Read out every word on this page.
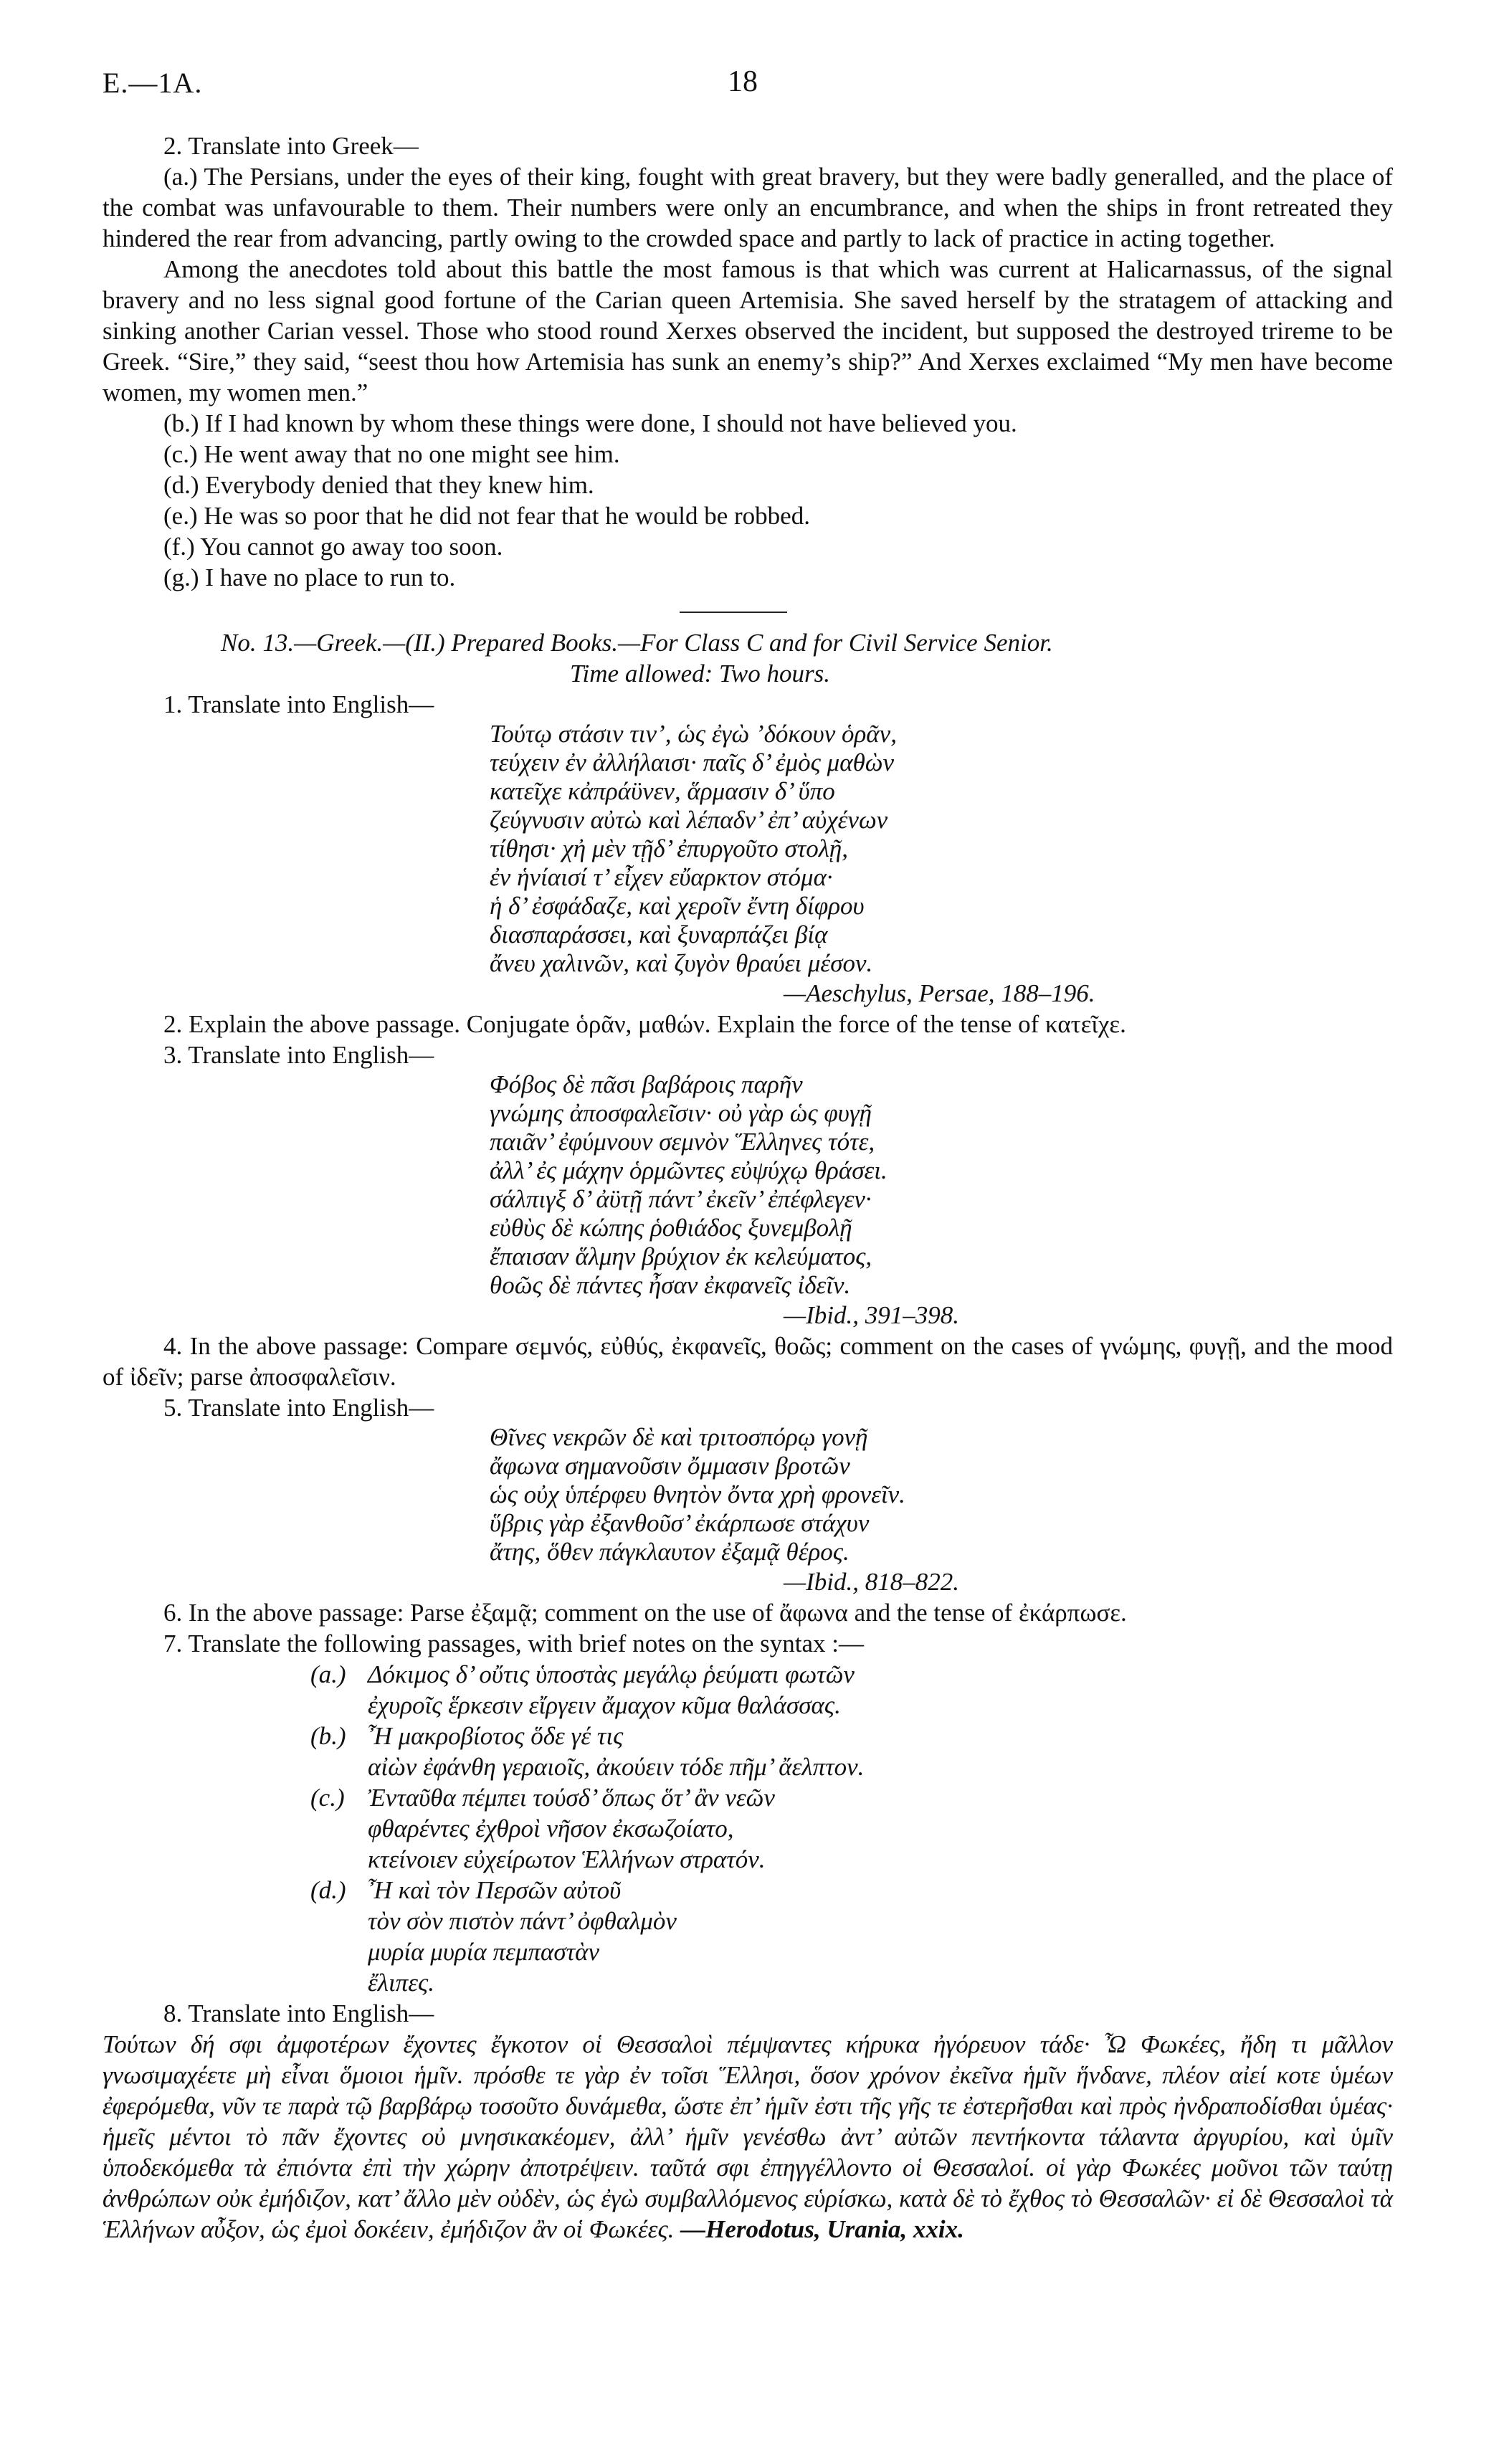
E.—1A.	18

2. Translate into Greek—

(a.) The Persians, under the eyes of their king, fought with great bravery, but they were badly generalled, and the place of the combat was unfavourable to them. Their numbers were only an encumbrance, and when the ships in front retreated they hindered the rear from advancing, partly owing to the crowded space and partly to lack of practice in acting together.

Among the anecdotes told about this battle the most famous is that which was current at Halicarnassus, of the signal bravery and no less signal good fortune of the Carian queen Artemisia. She saved herself by the stratagem of attacking and sinking another Carian vessel. Those who stood round Xerxes observed the incident, but supposed the destroyed trireme to be Greek. “Sire,” they said, “seest thou how Artemisia has sunk an enemy’s ship?” And Xerxes exclaimed “My men have become women, my women men.”

(b.) If I had known by whom these things were done, I should not have believed you.

(c.) He went away that no one might see him.

(d.) Everybody denied that they knew him.

(e.) He was so poor that he did not fear that he would be robbed.

(f.) You cannot go away too soon.

(g.) I have no place to run to.

No. 13.—Greek.—(II.) Prepared Books.—For Class C and for Civil Service Senior.

Time allowed: Two hours.

1. Translate into English—

Τούτῳ στάσιν τιν’, ὡς ἐγὼ ’δόκουν ὁρᾶν,
τεύχειν ἐν ἀλλήλαισι· παῖς δ’ ἐμὸς μαθὼν
κατεῖχε κἀπράϋνεν, ἅρμασιν δ’ ὕπο
ζεύγνυσιν αὐτὼ καὶ λέπαδν’ ἐπ’ αὐχένων
τίθησι· χἠ μὲν τῇδ’ ἐπυργοῦτο στολῇ,
ἐν ἡνίαισί τ’ εἶχεν εὔαρκτον στόμα·
ἡ δ’ ἐσφάδαζε, καὶ χεροῖν ἔντη δίφρου
διασπαράσσει, καὶ ξυναρπάζει βίᾳ
ἄνευ χαλινῶν, καὶ ζυγὸν θραύει μέσον.

—Aeschylus, Persae, 188–196.

2. Explain the above passage. Conjugate ὁρᾶν, μαθών. Explain the force of the tense of κατεῖχε.

3. Translate into English—

Φόβος δὲ πᾶσι βαβάροις παρῆν
γνώμης ἀποσφαλεῖσιν· οὐ γὰρ ὡς φυγῇ
παιᾶν’ ἐφύμνουν σεμνὸν Ἕλληνες τότε,
ἀλλ’ ἐς μάχην ὁρμῶντες εὐψύχῳ θράσει.
σάλπιγξ δ’ ἀϋτῇ πάντ’ ἐκεῖν’ ἐπέφλεγεν·
εὐθὺς δὲ κώπης ῥοθιάδος ξυνεμβολῇ
ἔπαισαν ἅλμην βρύχιον ἐκ κελεύματος,
θοῶς δὲ πάντες ἦσαν ἐκφανεῖς ἰδεῖν.

—Ibid., 391–398.

4. In the above passage: Compare σεμνός, εὐθύς, ἐκφανεῖς, θοῶς; comment on the cases of γνώμης, φυγῇ, and the mood of ἰδεῖν; parse ἀποσφαλεῖσιν.

5. Translate into English—

Θῖνες νεκρῶν δὲ καὶ τριτοσπόρῳ γονῇ
ἄφωνα σημανοῦσιν ὄμμασιν βροτῶν
ὡς οὐχ ὑπέρφευ θνητὸν ὄντα χρὴ φρονεῖν.
ὕβρις γὰρ ἐξανθοῦσ’ ἐκάρπωσε στάχυν
ἄτης, ὅθεν πάγκλαυτον ἐξαμᾷ θέρος.

—Ibid., 818–822.

6. In the above passage: Parse ἐξαμᾷ; comment on the use of ἄφωνα and the tense of ἐκάρπωσε.

7. Translate the following passages, with brief notes on the syntax :—

(a.) Δόκιμος δ’ οὔτις ὑποστὰς μεγάλῳ ῥεύματι φωτῶν
ἐχυροῖς ἕρκεσιν εἴργειν ἄμαχον κῦμα θαλάσσας.
(b.) Ἦ μακροβίοτος ὅδε γέ τις
αἰὼν ἐφάνθη γεραιοῖς, ἀκούειν τόδε πῆμ’ ἄελπτον.
(c.) Ἐνταῦθα πέμπει τούσδ’ ὅπως ὅτ’ ἂν νεῶν
φθαρέντες ἐχθροὶ νῆσον ἐκσωζοίατο,
κτείνοιεν εὐχείρωτον Ἑλλήνων στρατόν.
(d.) Ἦ καὶ τὸν Περσῶν αὐτοῦ
τὸν σὸν πιστὸν πάντ’ ὀφθαλμὸν
μυρία μυρία πεμπαστὰν
ἔλιπες.

8. Translate into English—

Τούτων δή σφι ἀμφοτέρων ἔχοντες ἔγκοτον οἱ Θεσσαλοὶ πέμψαντες κήρυκα ἠγόρευον τάδε· Ὦ Φωκέες, ἤδη τι μᾶλλον γνωσιμαχέετε μὴ εἶναι ὅμοιοι ἡμῖν. πρόσθε τε γὰρ ἐν τοῖσι Ἕλλησι, ὅσον χρόνον ἐκεῖνα ἡμῖν ἥνδανε, πλέον αἰεί κοτε ὑμέων ἐφερόμεθα, νῦν τε παρὰ τῷ βαρβάρῳ τοσοῦτο δυνάμεθα, ὥστε ἐπ’ ἡμῖν ἐστι τῆς γῆς τε ἐστερῆσθαι καὶ πρὸς ἠνδραποδίσθαι ὑμέας· ἡμεῖς μέντοι τὸ πᾶν ἔχοντες οὐ μνησικακέομεν, ἀλλ’ ἡμῖν γενέσθω ἀντ’ αὐτῶν πεντήκοντα τάλαντα ἀργυρίου, καὶ ὑμῖν ὑποδεκόμεθα τὰ ἐπιόντα ἐπὶ τὴν χώρην ἀποτρέψειν. ταῦτά σφι ἐπηγγέλλοντο οἱ Θεσσαλοί. οἱ γὰρ Φωκέες μοῦνοι τῶν ταύτῃ ἀνθρώπων οὐκ ἐμήδιζον, κατ’ ἄλλο μὲν οὐδὲν, ὡς ἐγὼ συμβαλλόμενος εὑρίσκω, κατὰ δὲ τὸ ἔχθος τὸ Θεσσαλῶν· εἰ δὲ Θεσσαλοὶ τὰ Ἑλλήνων αὖξον, ὡς ἐμοὶ δοκέειν, ἐμήδιζον ἂν οἱ Φωκέες. —Herodotus, Urania, xxix.
